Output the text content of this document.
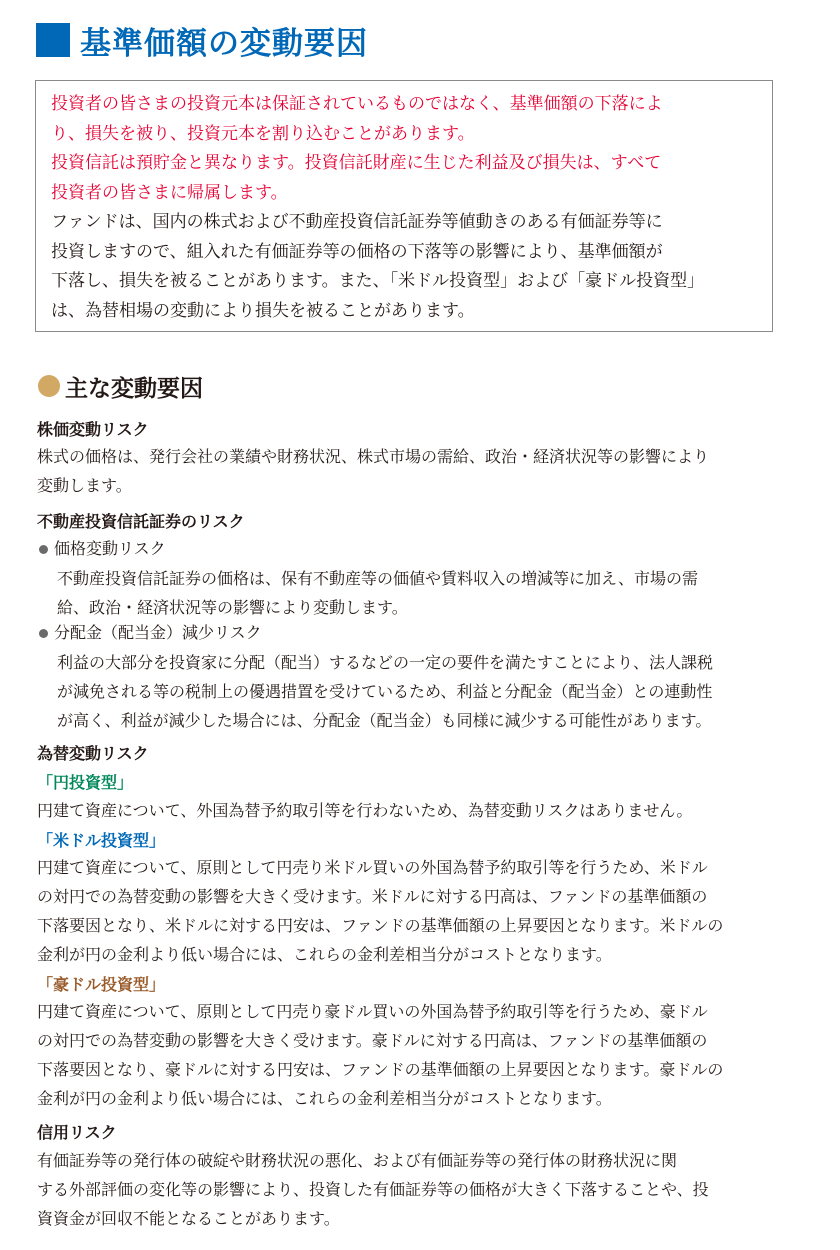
基準価額の変動要因

投資者の皆さまの投資元本は保証されているものではなく、基準価額の下落によ

り、損失を被り、投資元本を割り込むことがあります。

投資信託は預貯金と異なります。投資信託財産に生じた利益及び損失は、すべて

投資者の皆さまに帰属します。

ファンドは、国内の株式および不動産投資信託証券等値動きのある有価証券等に

投資しますので、組入れた有価証券等の価格の下落等の影響により、基準価額が

下落し、損失を被ることがあります。また、「米ドル投資型」および「豪ドル投資型」

は、為替相場の変動により損失を被ることがあります。

主な変動要因
株価変動リスク

株式の価格は、発行会社の業績や財務状況、株式市場の需給、政治・経済状況等の影響により

変動します。

不動産投資信託証券のリスク
価格変動リスク

不動産投資信託証券の価格は、保有不動産等の価値や賃料収入の増減等に加え、市場の需

給、政治・経済状況等の影響により変動します。

分配金（配当金）減少リスク

利益の大部分を投資家に分配（配当）するなどの一定の要件を満たすことにより、法人課税

が減免される等の税制上の優遇措置を受けているため、利益と分配金（配当金）との連動性

が高く、利益が減少した場合には、分配金（配当金）も同様に減少する可能性があります。

為替変動リスク
「円投資型」

円建て資産について、外国為替予約取引等を行わないため、為替変動リスクはありません。

「米ドル投資型」

円建て資産について、原則として円売り米ドル買いの外国為替予約取引等を行うため、米ドル

の対円での為替変動の影響を大きく受けます。米ドルに対する円高は、ファンドの基準価額の

下落要因となり、米ドルに対する円安は、ファンドの基準価額の上昇要因となります。米ドルの

金利が円の金利より低い場合には、これらの金利差相当分がコストとなります。

「豪ドル投資型」

円建て資産について、原則として円売り豪ドル買いの外国為替予約取引等を行うため、豪ドル

の対円での為替変動の影響を大きく受けます。豪ドルに対する円高は、ファンドの基準価額の

下落要因となり、豪ドルに対する円安は、ファンドの基準価額の上昇要因となります。豪ドルの

金利が円の金利より低い場合には、これらの金利差相当分がコストとなります。

信用リスク

有価証券等の発行体の破綻や財務状況の悪化、および有価証券等の発行体の財務状況に関

する外部評価の変化等の影響により、投資した有価証券等の価格が大きく下落することや、投

資資金が回収不能となることがあります。
